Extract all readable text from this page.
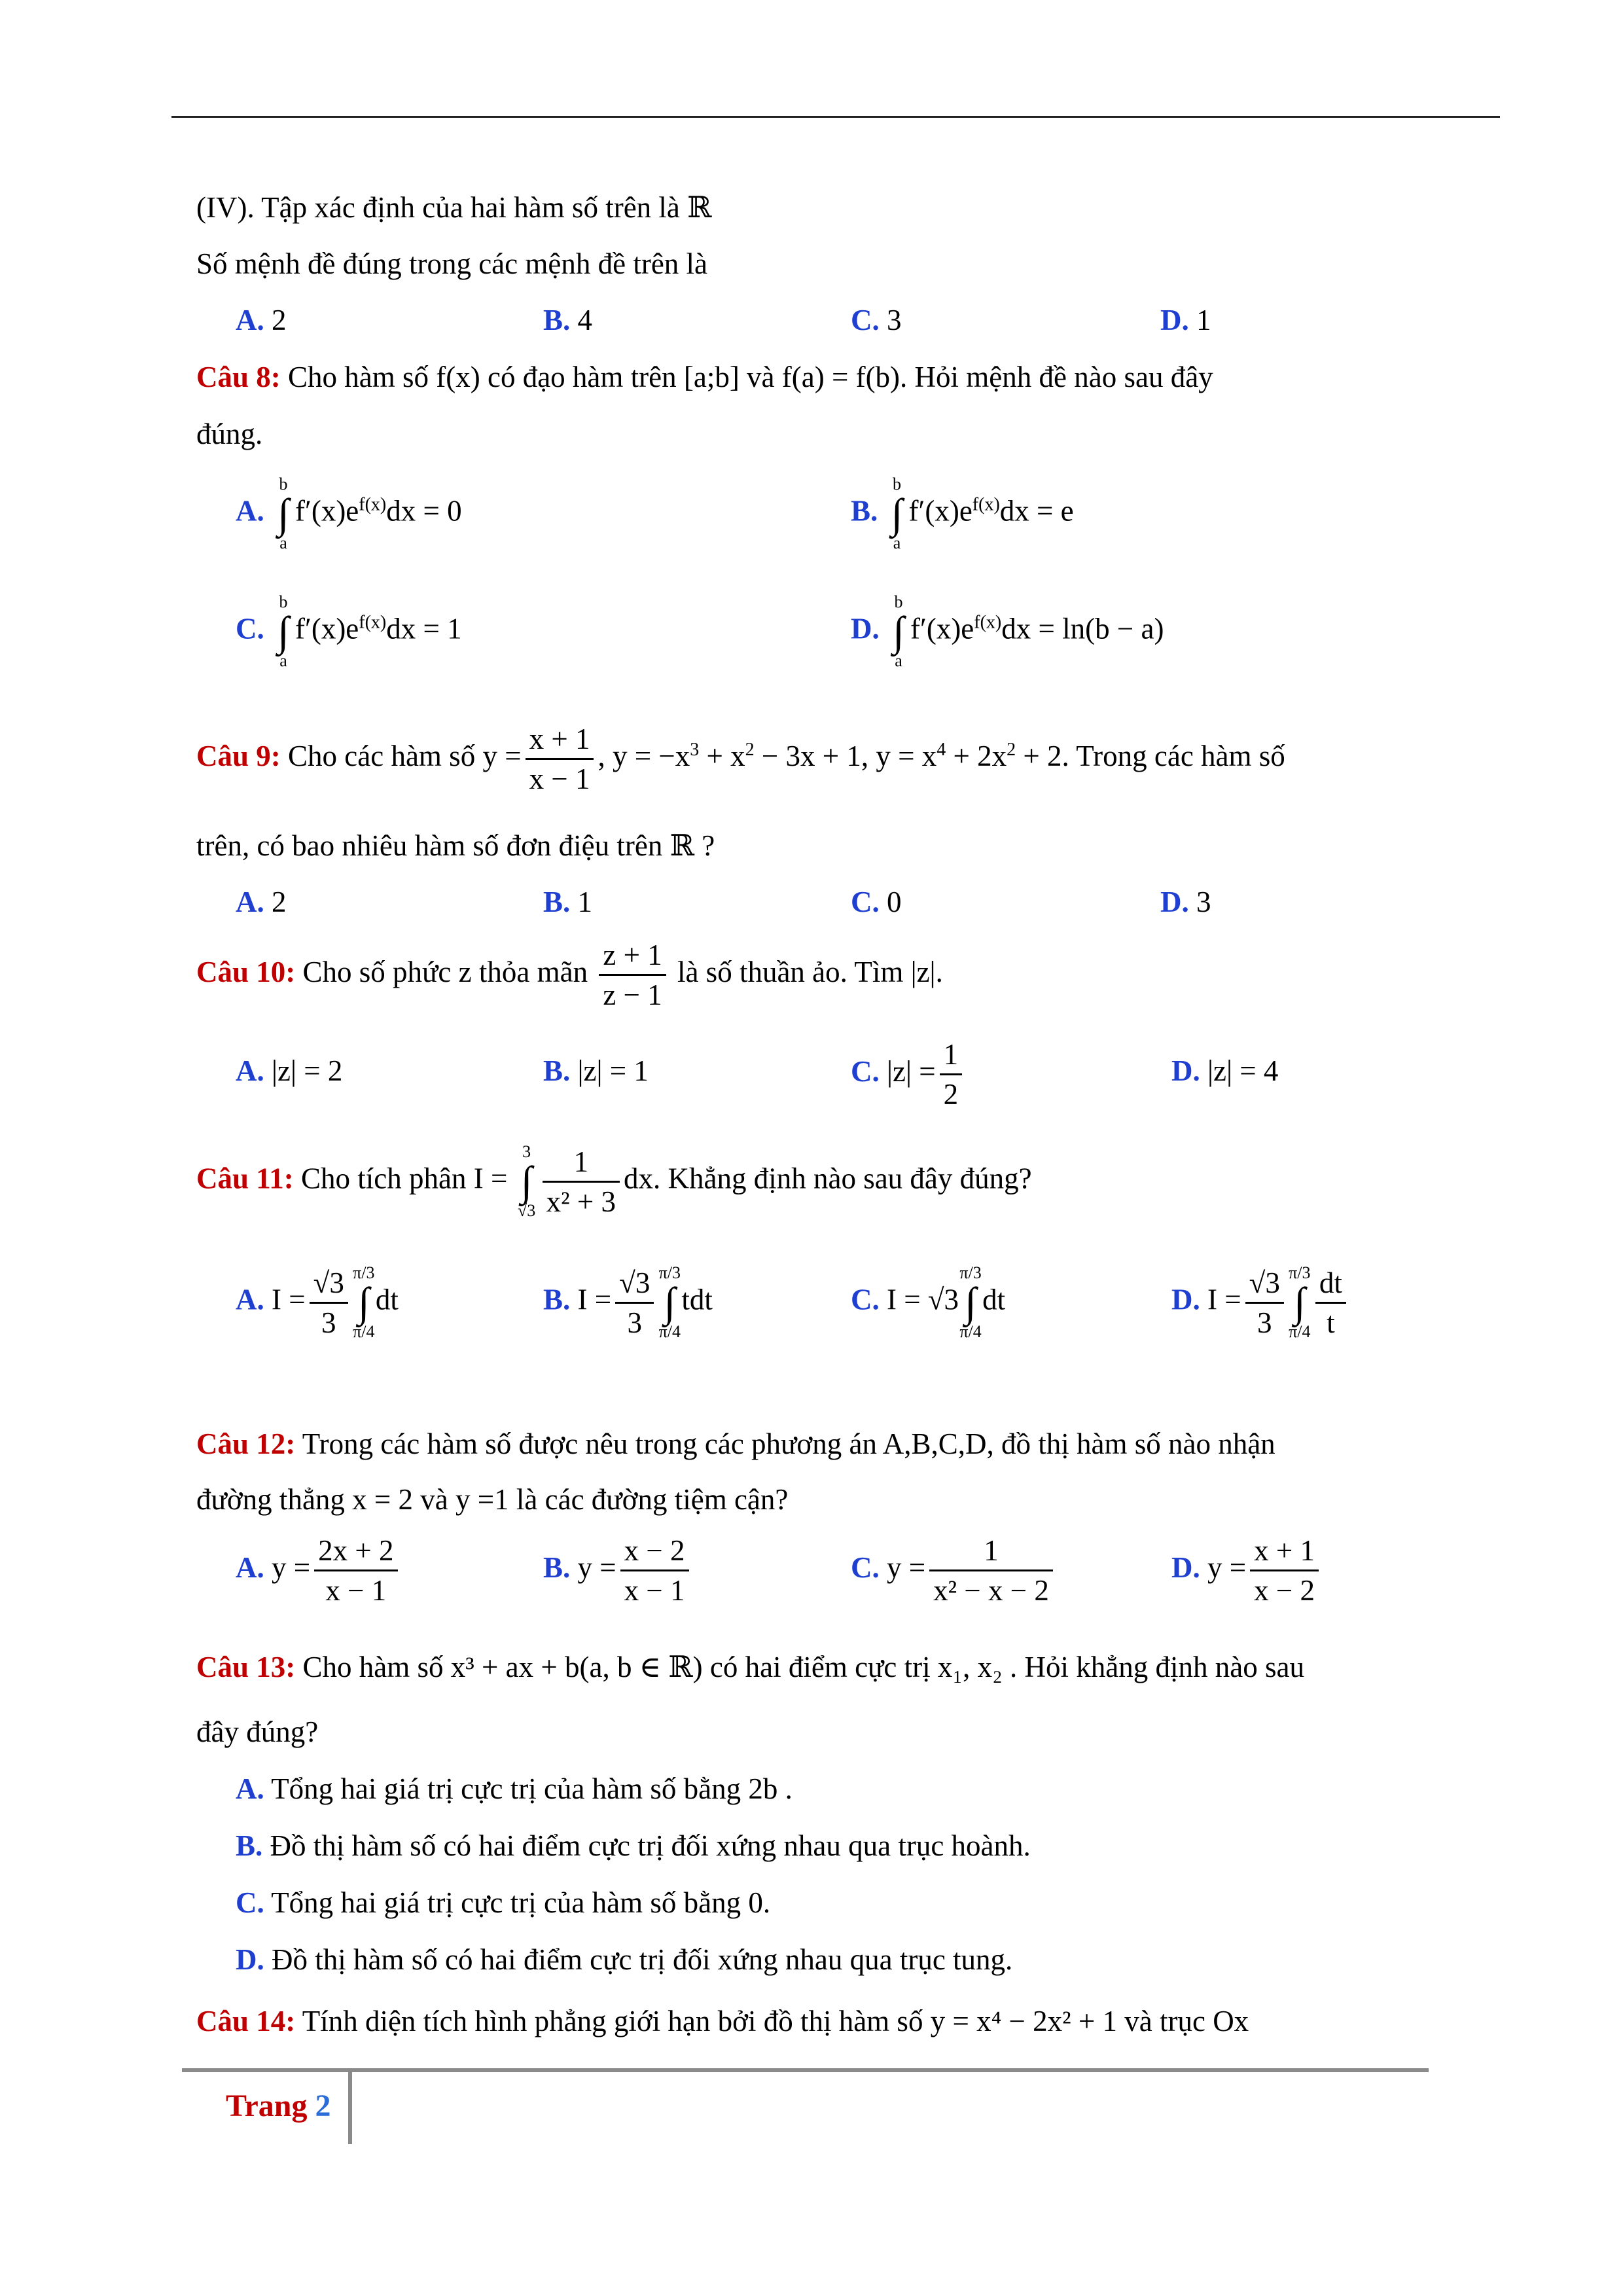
(IV). Tập xác định của hai hàm số trên là ℝ
Số mệnh đề đúng trong các mệnh đề trên là
A. 2	B. 4	C. 3	D. 1
Câu 8: Cho hàm số f(x) có đạo hàm trên [a;b] và f(a) = f(b). Hỏi mệnh đề nào sau đây
đúng.
A.
b
∫
a
$f'(x)e^{f(x)}dx = 0$	B.
b
∫
a
$f'(x)e^{f(x)}dx = e$
C.
b
∫
a
$f'(x)e^{f(x)}dx = 1$	D.
b
∫
a
$f'(x)e^{f(x)}dx = \ln(b - a)$
Câu 9: Cho các hàm số $y = \frac{x + 1}{x - 1}$ , $y = -x^3 + x^2 - 3x + 1$, $y = x^4 + 2x^2 + 2$. Trong các hàm số
trên, có bao nhiêu hàm số đơn điệu trên ℝ ?
A. 2	B. 1	C. 0	D. 3
Câu 10: Cho số phức z thỏa mãn $\frac{z + 1}{z - 1}$ là số thuần ảo. Tìm |z|.
A. |z| = 2	B. |z| = 1	C. $|z| = \frac{1}{2}$	D. |z| = 4
Câu 11: Cho tích phân I =
3
∫
$√3 \frac{1}{\text{x² + 3}}$ dx. Khẳng định nào sau đây đúng?
A. $I = \frac{√3}{3} \pi/3$
∫
π/4
dt	B. $I = \frac{√3}{3} \pi/3$
∫
π/4
tdt	C. I = √3
π/3
∫
π/4
dt	D. $I = \frac{√3}{3} \pi/3$
∫
$\pi/4 \frac{dt}{t}$
Câu 12: Trong các hàm số được nêu trong các phương án A,B,C,D, đồ thị hàm số nào nhận
đường thẳng x = 2 và y =1 là các đường tiệm cận?
A. $y = \frac{2x + 2}{x - 1}$	B. $y = \frac{x - 2}{x - 1}$	C. $y = \frac{1}{\text{x² − x − 2}}$	D. $y = \frac{x + 1}{x - 2}$
Câu 13: Cho hàm số x³ + ax + b(a, b ∈ ℝ) có hai điểm cực trị x₁, x₂ . Hỏi khẳng định nào sau
đây đúng?
A. Tổng hai giá trị cực trị của hàm số bằng 2b .
B. Đồ thị hàm số có hai điểm cực trị đối xứng nhau qua trục hoành.
C. Tổng hai giá trị cực trị của hàm số bằng 0.
D. Đồ thị hàm số có hai điểm cực trị đối xứng nhau qua trục tung.
Câu 14: Tính diện tích hình phẳng giới hạn bởi đồ thị hàm số y = x⁴ − 2x² + 1 và trục Ox
Trang 2
